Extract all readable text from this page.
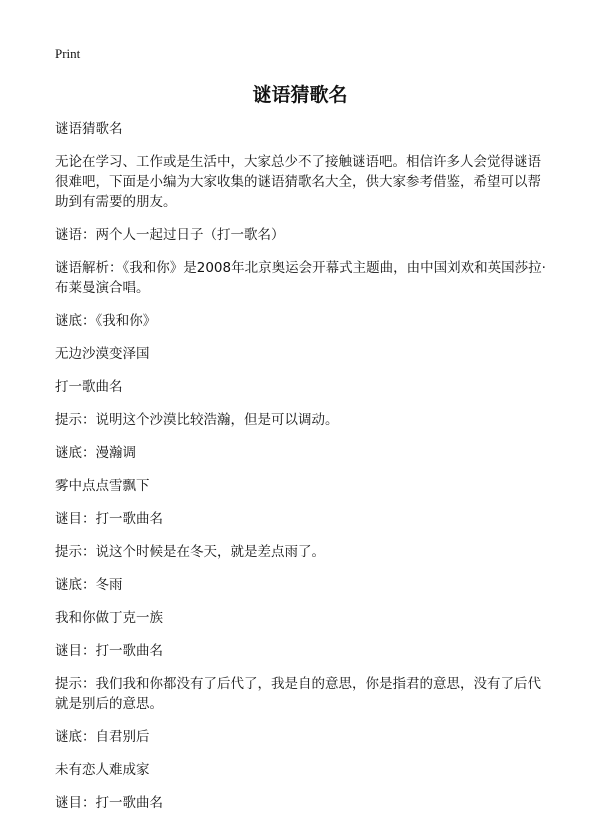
Print
谜语猜歌名

谜语猜歌名

无论在学习、工作或是生活中，大家总少不了接触谜语吧。相信许多人会觉得谜语很难吧，下面是小编为大家收集的谜语猜歌名大全，供大家参考借鉴，希望可以帮助到有需要的朋友。

谜语：两个人一起过日子（打一歌名）

谜语解析：《我和你》是2008年北京奥运会开幕式主题曲，由中国刘欢和英国莎拉·布莱曼演合唱。

谜底：《我和你》

无边沙漠变泽国

打一歌曲名

提示：说明这个沙漠比较浩瀚，但是可以调动。

谜底：漫瀚调

雾中点点雪飘下

谜目：打一歌曲名

提示：说这个时候是在冬天，就是差点雨了。

谜底：冬雨

我和你做丁克一族

谜目：打一歌曲名

提示：我们我和你都没有了后代了，我是自的意思，你是指君的意思，没有了后代就是别后的意思。

谜底：自君别后

未有恋人难成家

谜目：打一歌曲名
